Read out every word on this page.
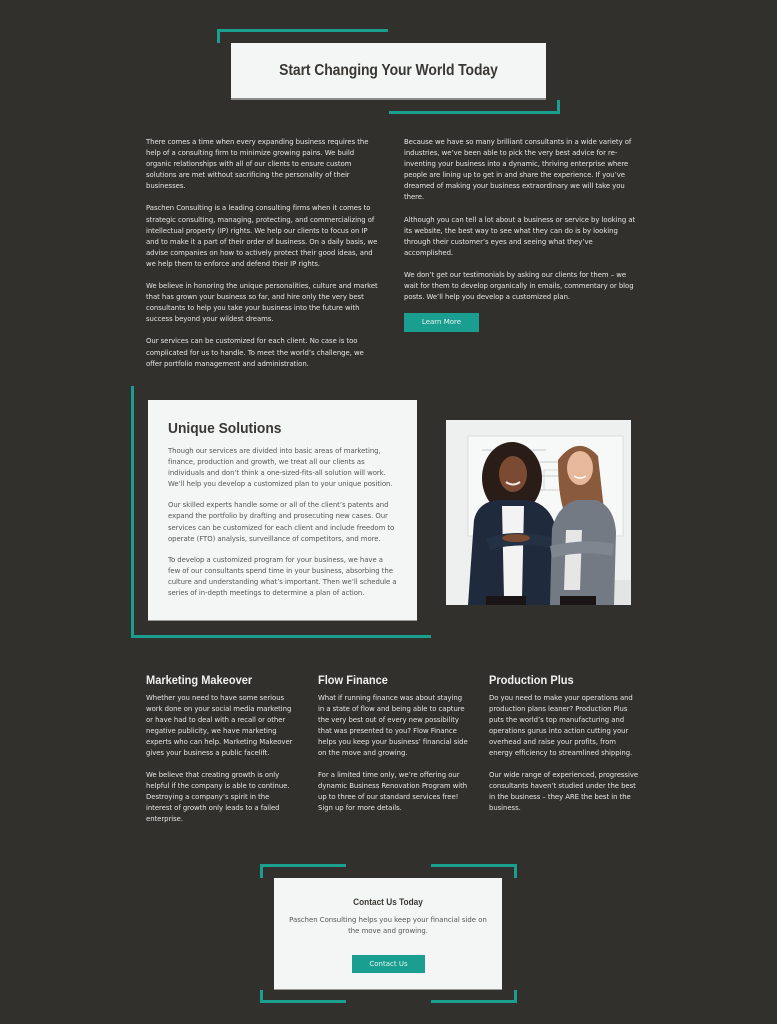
Start Changing Your World Today

There comes a time when every expanding business requires the help of a consulting firm to minimize growing pains. We build organic relationships with all of our clients to ensure custom solutions are met without sacrificing the personality of their businesses.

Paschen Consulting is a leading consulting firms when it comes to strategic consulting, managing, protecting, and commercializing of intellectual property (IP) rights. We help our clients to focus on IP and to make it a part of their order of business. On a daily basis, we advise companies on how to actively protect their good ideas, and we help them to enforce and defend their IP rights.

We believe in honoring the unique personalities, culture and market that has grown your business so far, and hire only the very best consultants to help you take your business into the future with success beyond your wildest dreams.

Our services can be customized for each client. No case is too complicated for us to handle. To meet the world’s challenge, we offer portfolio management and administration.

Because we have so many brilliant consultants in a wide variety of industries, we’ve been able to pick the very best advice for re-inventing your business into a dynamic, thriving enterprise where people are lining up to get in and share the experience. If you’ve dreamed of making your business extraordinary we will take you there.

Although you can tell a lot about a business or service by looking at its website, the best way to see what they can do is by looking through their customer’s eyes and seeing what they’ve accomplished.

We don’t get our testimonials by asking our clients for them – we wait for them to develop organically in emails, commentary or blog posts. We’ll help you develop a customized plan.

Learn More
Unique Solutions

Though our services are divided into basic areas of marketing, finance, production and growth, we treat all our clients as individuals and don’t think a one-sized-fits-all solution will work. We’ll help you develop a customized plan to your unique position.

Our skilled experts handle some or all of the client’s patents and expand the portfolio by drafting and prosecuting new cases. Our services can be customized for each client and include freedom to operate (FTO) analysis, surveillance of competitors, and more.

To develop a customized program for your business, we have a few of our consultants spend time in your business, absorbing the culture and understanding what’s important. Then we’ll schedule a series of in-depth meetings to determine a plan of action.

Marketing Makeover

Whether you need to have some serious work done on your social media marketing or have had to deal with a recall or other negative publicity, we have marketing experts who can help. Marketing Makeover gives your business a public facelift.

We believe that creating growth is only helpful if the company is able to continue. Destroying a company’s spirit in the interest of growth only leads to a failed enterprise.

Flow Finance

What if running finance was about staying in a state of flow and being able to capture the very best out of every new possibility that was presented to you? Flow Finance helps you keep your business’ financial side on the move and growing.

For a limited time only, we’re offering our dynamic Business Renovation Program with up to three of our standard services free! Sign up for more details.

Production Plus

Do you need to make your operations and production plans leaner? Production Plus puts the world’s top manufacturing and operations gurus into action cutting your overhead and raise your profits, from energy efficiency to streamlined shipping.

Our wide range of experienced, progressive consultants haven’t studied under the best in the business – they ARE the best in the business.

Contact Us Today

Paschen Consulting helps you keep your financial side on the move and growing.

Contact Us
